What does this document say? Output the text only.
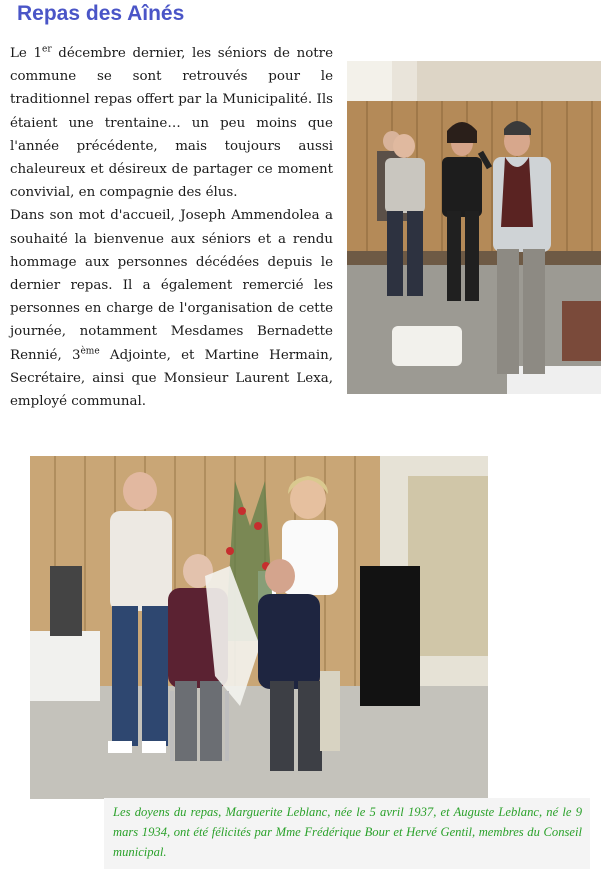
Repas des Aînés

Le 1er décembre dernier, les séniors de notre commune se sont retrouvés pour le traditionnel repas offert par la Municipalité. Ils étaient une trentaine… un peu moins que l'année précédente, mais toujours aussi chaleureux et désireux de partager ce moment convivial, en compagnie des élus.
Dans son mot d'accueil, Joseph Ammendolea a souhaité la bienvenue aux séniors et a rendu hommage aux personnes décédées depuis le dernier repas. Il a également remercié les personnes en charge de l'organisation de cette journée, notamment Mesdames Bernadette Rennié, 3ème Adjointe, et Martine Hermain, Secrétaire, ainsi que Monsieur Laurent Lexa, employé communal.

Les doyens du repas, Marguerite Leblanc, née le 5 avril 1937, et Auguste Leblanc, né le 9 mars 1934, ont été félicités par Mme Frédérique Bour et Hervé Gentil, membres du Conseil municipal.
